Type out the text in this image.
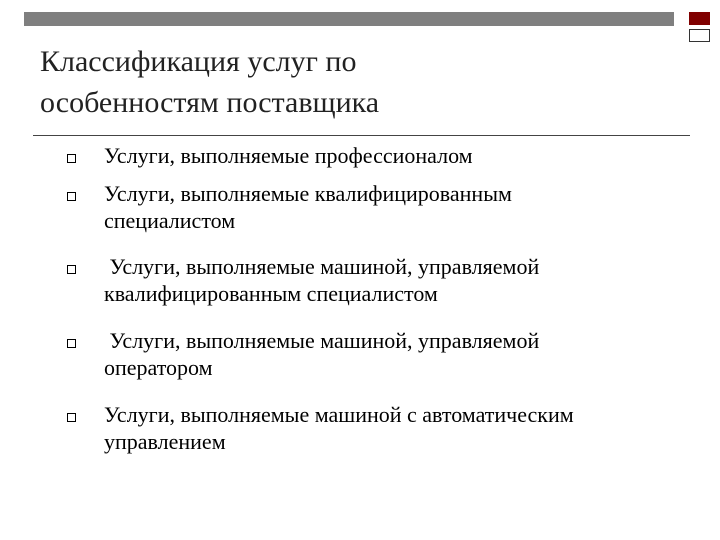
Классификация услуг по
особенностям поставщика
Услуги, выполняемые профессионалом
Услуги, выполняемые квалифицированным
специалистом
Услуги, выполняемые машиной, управляемой
квалифицированным специалистом
Услуги, выполняемые машиной, управляемой
оператором
Услуги, выполняемые машиной с автоматическим
управлением
